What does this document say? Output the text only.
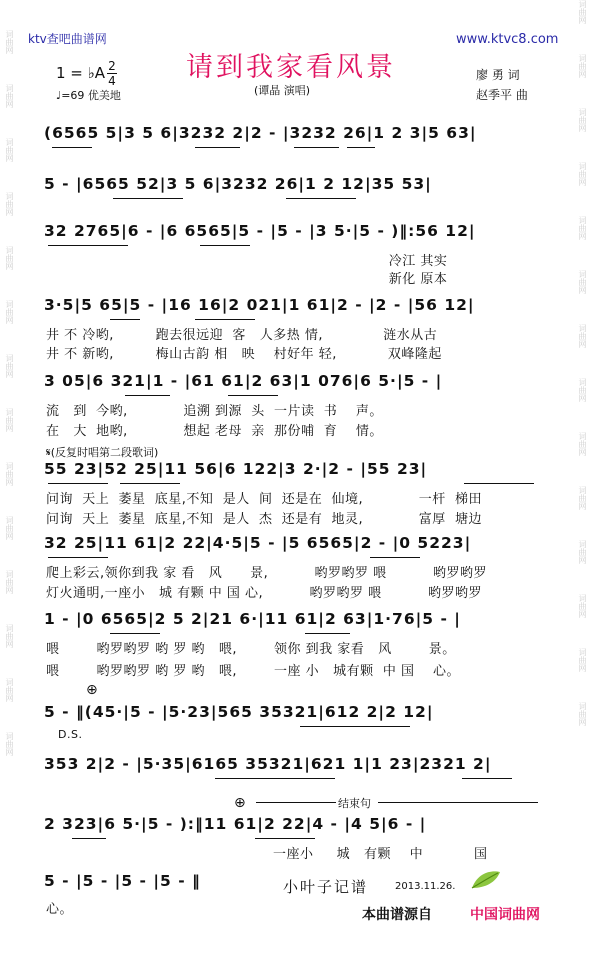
词曲网
词曲网
词曲网
词曲网
词曲网
词曲网
词曲网
词曲网
词曲网
词曲网
词曲网
词曲网
词曲网
词曲网
词曲网
词曲网
词曲网
词曲网
词曲网
词曲网
词曲网
词曲网
词曲网
词曲网
词曲网
词曲网
词曲网
词曲网
ktv查吧曲谱网	www.ktvc8.com
请到我家看风景
(谭晶 演唱)
廖 勇 词
赵季平 曲
1 = ♭A 2
4
♩=69 优美地
(6565 5|3 5 6|3232 2|2 - |3232 26|1 2 3|5 63|
5 - |6565 52|3 5 6|3232 26|1 2 12|35 53|
32 2765|6 - |6 6565|5 - |5 - |3 5·|5 - )‖:56 12|
冷江 其实
新化 原本
3·5|5 65|5 - |16 16|2 021|1 61|2 - |2 - |56 12|
井 不 冷哟,         跑去很远迎  客   人多热 情,             涟水从古
井 不 新哟,         梅山古韵 相   映    村好年 轻,           双峰隆起
3 05|6 321|1 - |61 61|2 63|1 076|6 5·|5 - |
流   到  今哟,            追溯 到源  头  一片读  书    声。
在   大  地哟,            想起 老母  亲  那份哺  育    情。
𝄋(反复时唱第二段歌词)
55 23|52 25|11 56|6 122|3 2·|2 - |55 23|
问询  天上  萎星  底星,不知  是人  间  还是在  仙境,            一杆  梯田
问询  天上  萎星  底星,不知  是人  杰  还是有  地灵,            富厚  塘边
32 25|11 61|2 22|4·5|5 - |5 6565|2 - |0 5223|
爬上彩云,领你到我 家 看   风      景,          哟罗哟罗 喂          哟罗哟罗
灯火通明,一座小   城 有颗 中 国 心,          哟罗哟罗 喂          哟罗哟罗
1 - |0 6565|2 5 2|21 6·|11 61|2 63|1·76|5 - |
喂        哟罗哟罗 哟 罗 哟   喂,        领你 到我 家看   风        景。
喂        哟罗哟罗 哟 罗 哟   喂,        一座 小   城有颗  中 国    心。
⊕
5 - ‖(45·|5 - |5·23|565 35321|612 2|2 12|
D.S.
353 2|2 - |5·35|6165 35321|621 1|1 23|2321 2|
⊕	结束句
2 323|6 5·|5 - ):‖11 61|2 22|4 - |4 5|6 - |
一座小     城   有颗    中           国
5 - |5 - |5 - |5 - ‖
心。
小叶子记谱	2013.11.26.
本曲谱源自	中国词曲网
